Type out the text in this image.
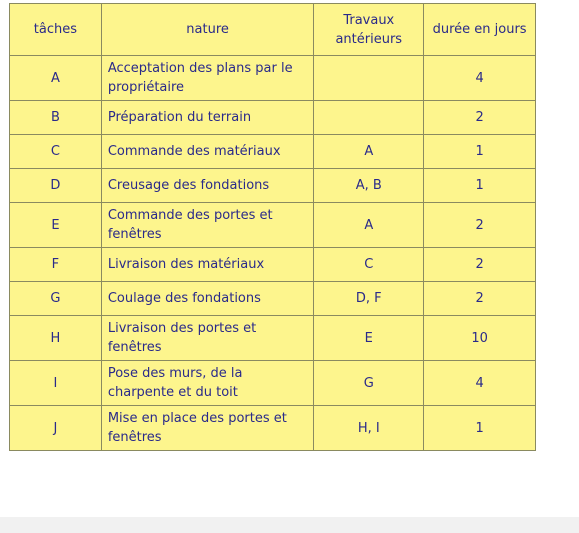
tâches	nature	Travaux antérieurs	durée en jours
A	Acceptation des plans par le propriétaire		4
B	Préparation du terrain		2
C	Commande des matériaux	A	1
D	Creusage des fondations	A, B	1
E	Commande des portes et fenêtres	A	2
F	Livraison des matériaux	C	2
G	Coulage des fondations	D, F	2
H	Livraison des portes et fenêtres	E	10
I	Pose des murs, de la charpente et du toit	G	4
J	Mise en place des portes et fenêtres	H, I	1
